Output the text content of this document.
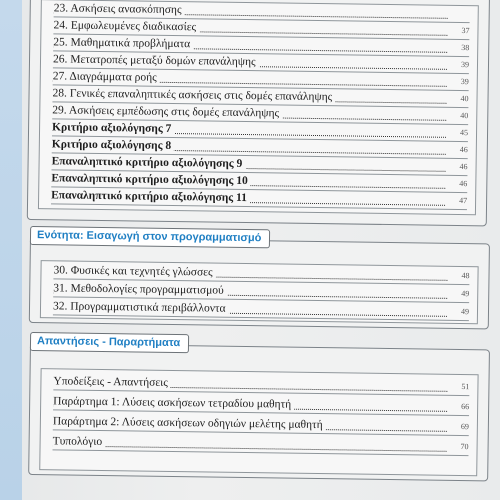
23. Ασκήσεις ανασκόπησης
24. Εμφωλευμένες διαδικασίες	37
25. Μαθηματικά προβλήματα	38
26. Μετατροπές μεταξύ δομών επανάληψης	39
27. Διαγράμματα ροής	39
28. Γενικές επαναληπτικές ασκήσεις στις δομές επανάληψης	40
29. Ασκήσεις εμπέδωσης στις δομές επανάληψης	40
Κριτήριο αξιολόγησης 7	45
Κριτήριο αξιολόγησης 8	46
Επαναληπτικό κριτήριο αξιολόγησης 9	46
Επαναληπτικό κριτήριο αξιολόγησης 10	46
Επαναληπτικό κριτήριο αξιολόγησης 11	47
Ενότητα: Εισαγωγή στον προγραμματισμό
30. Φυσικές και τεχνητές γλώσσες	48
31. Μεθοδολογίες προγραμματισμού	49
32. Προγραμματιστικά περιβάλλοντα	49
Απαντήσεις - Παραρτήματα
Υποδείξεις - Απαντήσεις	51
Παράρτημα 1: Λύσεις ασκήσεων τετραδίου μαθητή	66
Παράρτημα 2: Λύσεις ασκήσεων οδηγιών μελέτης μαθητή	69
Τυπολόγιο	70
